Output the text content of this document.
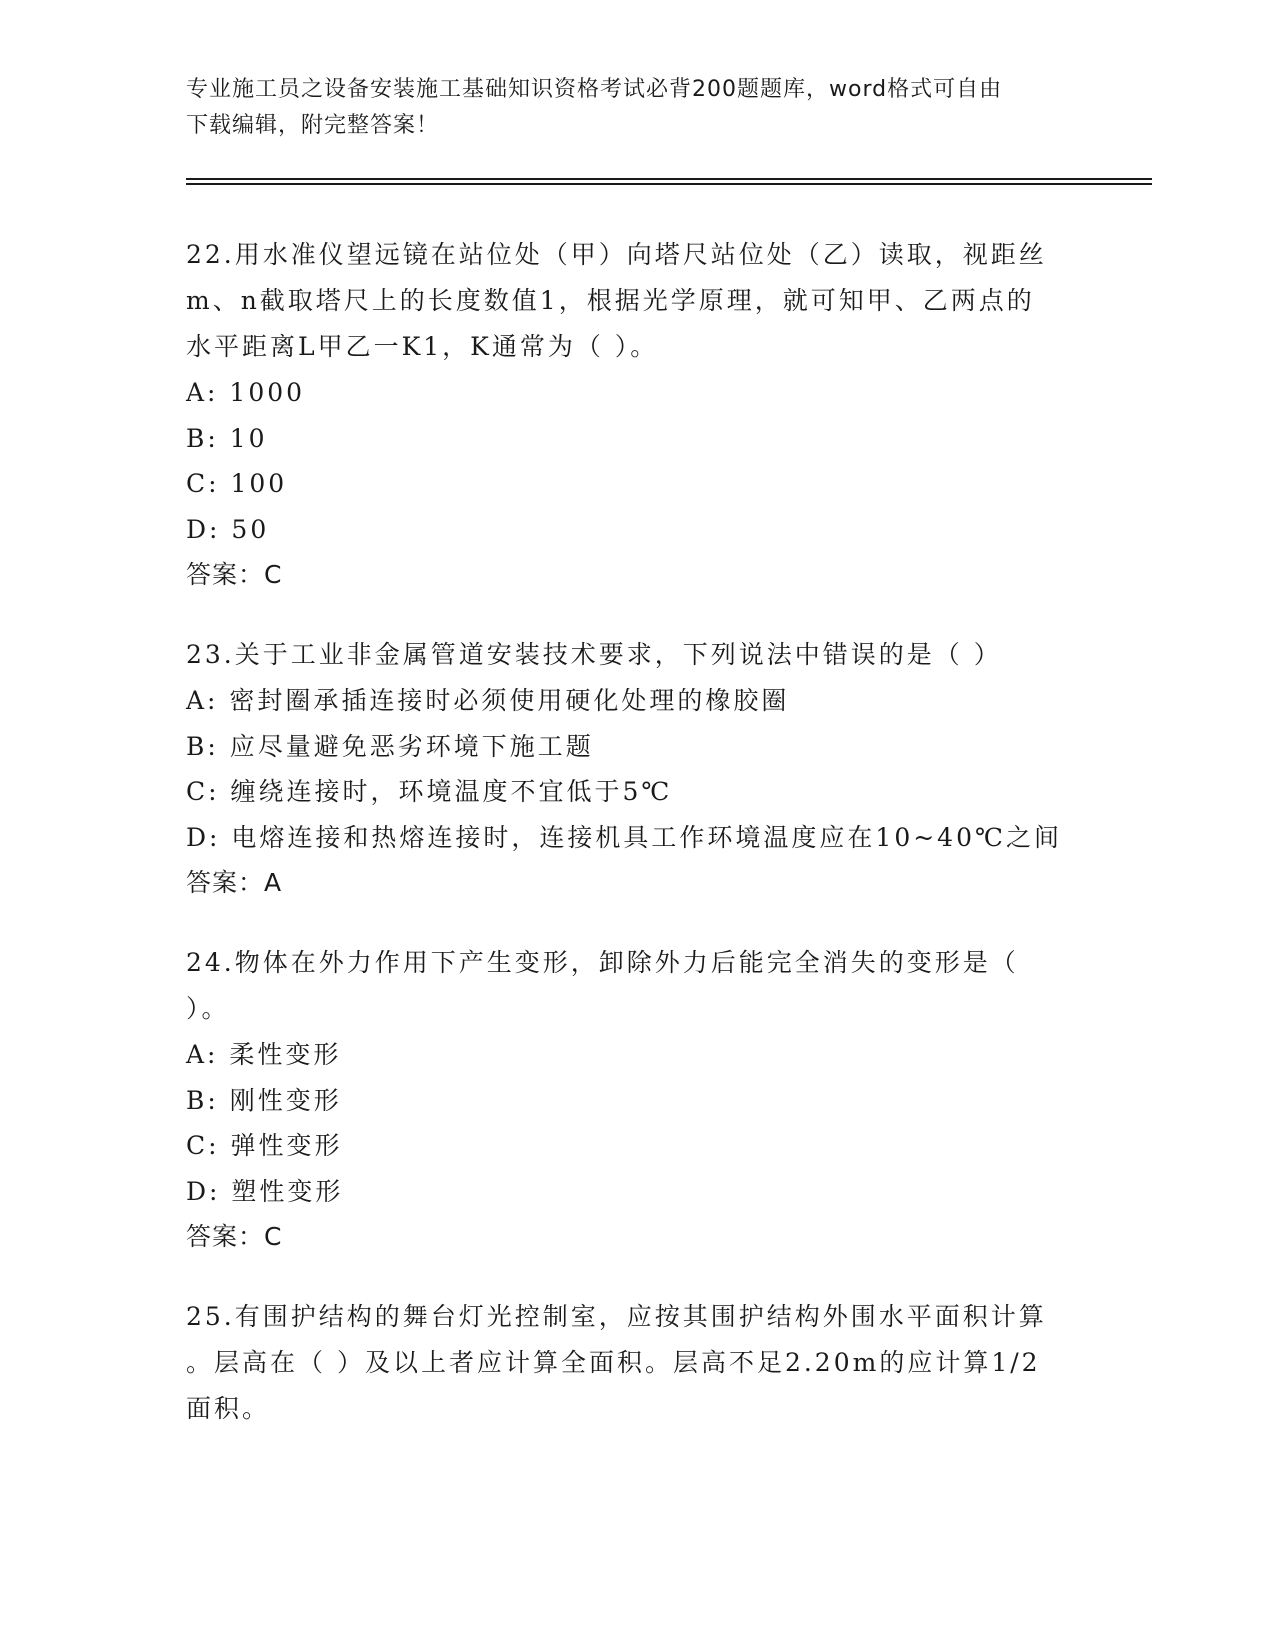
专业施工员之设备安装施工基础知识资格考试必背200题题库，word格式可自由
下载编辑，附完整答案！
22.用水准仪望远镜在站位处（甲）向塔尺站位处（乙）读取，视距丝
m、n截取塔尺上的长度数值1，根据光学原理，就可知甲、乙两点的
水平距离L甲乙一K1，K通常为（ ）。
A: 1000
B: 10
C: 100
D: 50
答案：C
23.关于工业非金属管道安装技术要求，下列说法中错误的是（ ）
A: 密封圈承插连接时必须使用硬化处理的橡胶圈
B: 应尽量避免恶劣环境下施工题
C: 缠绕连接时，环境温度不宜低于5℃
D: 电熔连接和热熔连接时，连接机具工作环境温度应在10~40℃之间
答案：A
24.物体在外力作用下产生变形，卸除外力后能完全消失的变形是（
）。
A: 柔性变形
B: 刚性变形
C: 弹性变形
D: 塑性变形
答案：C
25.有围护结构的舞台灯光控制室，应按其围护结构外围水平面积计算
。层高在（ ）及以上者应计算全面积。层高不足2.20m的应计算1/2
面积。
